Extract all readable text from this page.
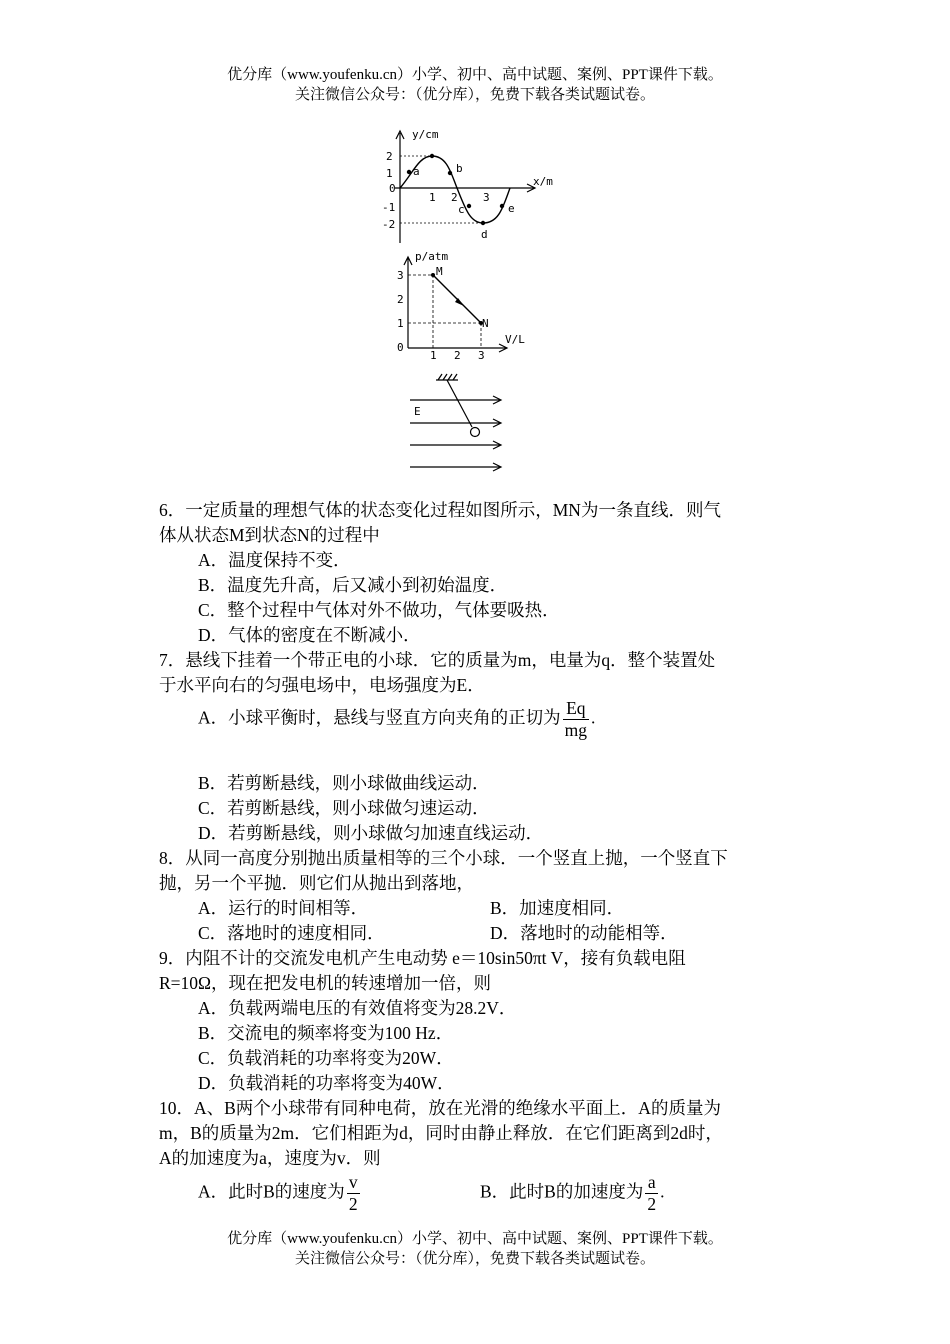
优分库（www.youfenku.cn）小学、初中、高中试题、案例、PPT课件下载。
关注微信公众号：（优分库），免费下载各类试题试卷。
y/cm
x/m
2
1
0
-1
-2
1 2 3
a	b
c
d
e
p/atm
V/L
3
2
1
0
1 2 3
M
N
E
6．一定质量的理想气体的状态变化过程如图所示，MN为一条直线．则气
体从状态M到状态N的过程中
A．温度保持不变．
B．温度先升高，后又减小到初始温度．
C．整个过程中气体对外不做功，气体要吸热．
D．气体的密度在不断减小．
7．悬线下挂着一个带正电的小球．它的质量为m，电量为q．整个装置处
于水平向右的匀强电场中，电场强度为E．
A．小球平衡时，悬线与竖直方向夹角的正切为 $\frac{Eq}{mg}$ .
B．若剪断悬线，则小球做曲线运动．
C．若剪断悬线，则小球做匀速运动．
D．若剪断悬线，则小球做匀加速直线运动．
8．从同一高度分别抛出质量相等的三个小球．一个竖直上抛，一个竖直下
抛，另一个平抛．则它们从抛出到落地，
A．运行的时间相等．	B．加速度相同．
C．落地时的速度相同．	D．落地时的动能相等．
9．内阻不计的交流发电机产生电动势 e＝10sin50πt V，接有负载电阻
R=10Ω，现在把发电机的转速增加一倍，则
A．负载两端电压的有效值将变为28.2V．
B．交流电的频率将变为100 Hz．
C．负载消耗的功率将变为20W．
D．负载消耗的功率将变为40W．
10．A、B两个小球带有同种电荷，放在光滑的绝缘水平面上．A的质量为
m，B的质量为2m．它们相距为d，同时由静止释放．在它们距离到2d时，
A的加速度为a，速度为v．则
A．此时B的速度为 $\frac{v}{2}$	B．此时B的加速度为 $\frac{a}{2}$ .
优分库（www.youfenku.cn）小学、初中、高中试题、案例、PPT课件下载。
关注微信公众号：（优分库），免费下载各类试题试卷。
